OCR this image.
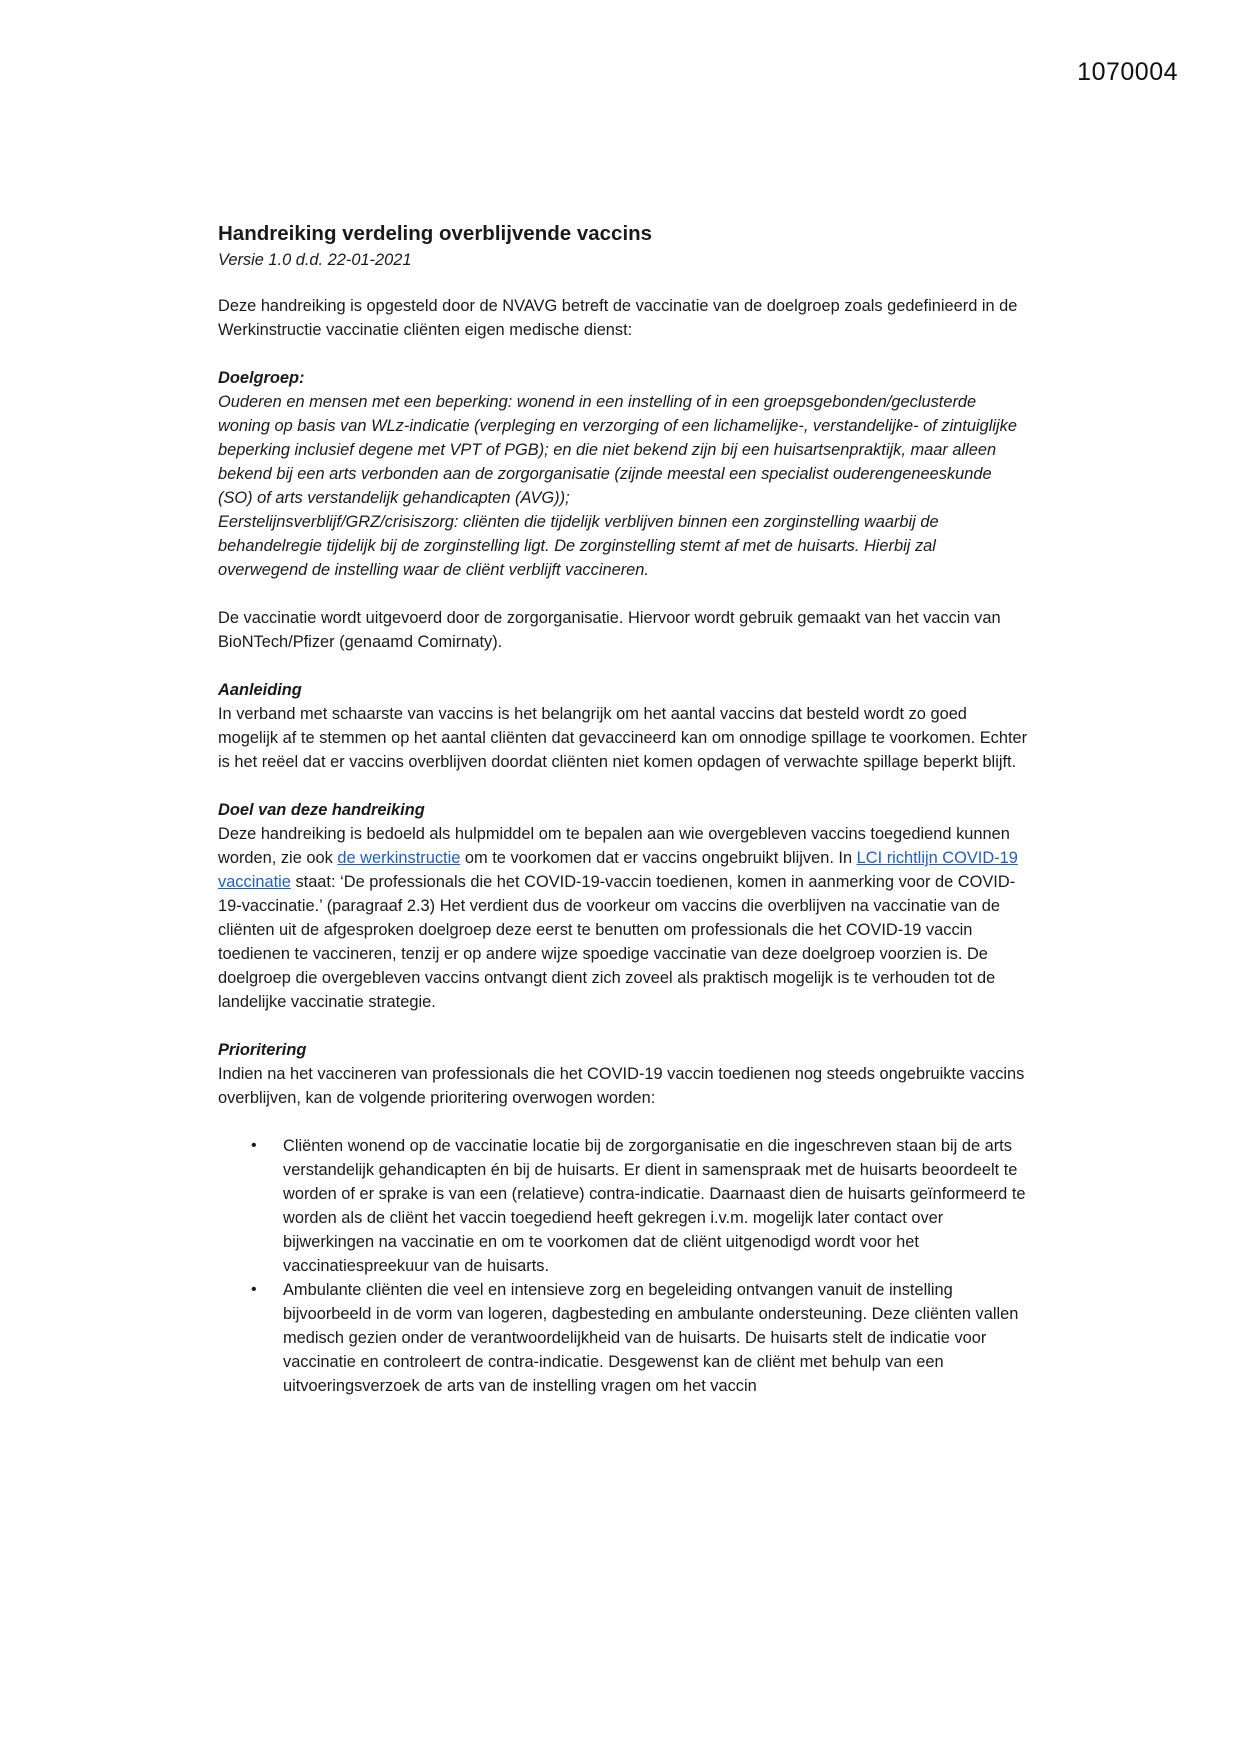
1070004
Handreiking verdeling overblijvende vaccins

Versie 1.0 d.d. 22-01-2021

Deze handreiking is opgesteld door de NVAVG betreft de vaccinatie van de doelgroep zoals gedefinieerd in de Werkinstructie vaccinatie cliënten eigen medische dienst:

Doelgroep:

Ouderen en mensen met een beperking: wonend in een instelling of in een groepsgebonden/geclusterde woning op basis van WLz-indicatie (verpleging en verzorging of een lichamelijke-, verstandelijke- of zintuiglijke beperking inclusief degene met VPT of PGB); en die niet bekend zijn bij een huisartsenpraktijk, maar alleen bekend bij een arts verbonden aan de zorgorganisatie (zijnde meestal een specialist ouderengeneeskunde (SO) of arts verstandelijk gehandicapten (AVG));

Eerstelijnsverblijf/GRZ/crisiszorg: cliënten die tijdelijk verblijven binnen een zorginstelling waarbij de behandelregie tijdelijk bij de zorginstelling ligt. De zorginstelling stemt af met de huisarts. Hierbij zal overwegend de instelling waar de cliënt verblijft vaccineren.

De vaccinatie wordt uitgevoerd door de zorgorganisatie. Hiervoor wordt gebruik gemaakt van het vaccin van BioNTech/Pfizer (genaamd Comirnaty).

Aanleiding

In verband met schaarste van vaccins is het belangrijk om het aantal vaccins dat besteld wordt zo goed mogelijk af te stemmen op het aantal cliënten dat gevaccineerd kan om onnodige spillage te voorkomen. Echter is het reëel dat er vaccins overblijven doordat cliënten niet komen opdagen of verwachte spillage beperkt blijft.

Doel van deze handreiking

Deze handreiking is bedoeld als hulpmiddel om te bepalen aan wie overgebleven vaccins toegediend kunnen worden, zie ook de werkinstructie om te voorkomen dat er vaccins ongebruikt blijven. In LCI richtlijn COVID-19 vaccinatie staat: ‘De professionals die het COVID-19-vaccin toedienen, komen in aanmerking voor de COVID-19-vaccinatie.’ (paragraaf 2.3) Het verdient dus de voorkeur om vaccins die overblijven na vaccinatie van de cliënten uit de afgesproken doelgroep deze eerst te benutten om professionals die het COVID-19 vaccin toedienen te vaccineren, tenzij er op andere wijze spoedige vaccinatie van deze doelgroep voorzien is. De doelgroep die overgebleven vaccins ontvangt dient zich zoveel als praktisch mogelijk is te verhouden tot de landelijke vaccinatie strategie.

Prioritering

Indien na het vaccineren van professionals die het COVID-19 vaccin toedienen nog steeds ongebruikte vaccins overblijven, kan de volgende prioritering overwogen worden:

• Cliënten wonend op de vaccinatie locatie bij de zorgorganisatie en die ingeschreven staan bij de arts verstandelijk gehandicapten én bij de huisarts. Er dient in samenspraak met de huisarts beoordeelt te worden of er sprake is van een (relatieve) contra-indicatie. Daarnaast dien de huisarts geïnformeerd te worden als de cliënt het vaccin toegediend heeft gekregen i.v.m. mogelijk later contact over bijwerkingen na vaccinatie en om te voorkomen dat de cliënt uitgenodigd wordt voor het vaccinatiespreekuur van de huisarts.
• Ambulante cliënten die veel en intensieve zorg en begeleiding ontvangen vanuit de instelling bijvoorbeeld in de vorm van logeren, dagbesteding en ambulante ondersteuning. Deze cliënten vallen medisch gezien onder de verantwoordelijkheid van de huisarts. De huisarts stelt de indicatie voor vaccinatie en controleert de contra-indicatie. Desgewenst kan de cliënt met behulp van een uitvoeringsverzoek de arts van de instelling vragen om het vaccin
